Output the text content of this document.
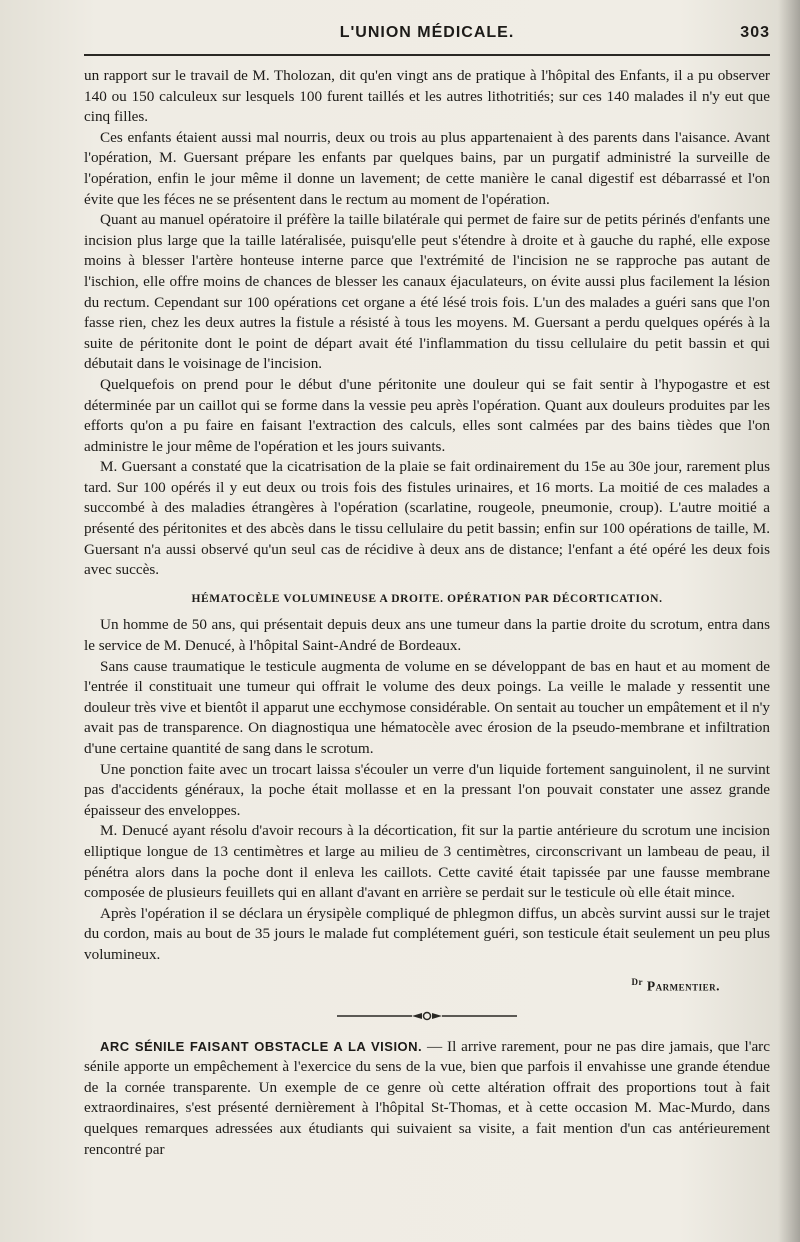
L'UNION MÉDICALE.	303

un rapport sur le travail de M. Tholozan, dit qu'en vingt ans de pratique à l'hôpital des Enfants, il a pu observer 140 ou 150 calculeux sur lesquels 100 furent taillés et les autres lithotritiés; sur ces 140 malades il n'y eut que cinq filles.

Ces enfants étaient aussi mal nourris, deux ou trois au plus appartenaient à des parents dans l'aisance. Avant l'opération, M. Guersant prépare les enfants par quelques bains, par un purgatif administré la surveille de l'opération, enfin le jour même il donne un lavement; de cette manière le canal digestif est débarrassé et l'on évite que les féces ne se présentent dans le rectum au moment de l'opération.

Quant au manuel opératoire il préfère la taille bilatérale qui permet de faire sur de petits périnés d'enfants une incision plus large que la taille latéralisée, puisqu'elle peut s'étendre à droite et à gauche du raphé, elle expose moins à blesser l'artère honteuse interne parce que l'extrémité de l'incision ne se rapproche pas autant de l'ischion, elle offre moins de chances de blesser les canaux éjaculateurs, on évite aussi plus facilement la lésion du rectum. Cependant sur 100 opérations cet organe a été lésé trois fois. L'un des malades a guéri sans que l'on fasse rien, chez les deux autres la fistule a résisté à tous les moyens. M. Guersant a perdu quelques opérés à la suite de péritonite dont le point de départ avait été l'inflammation du tissu cellulaire du petit bassin et qui débutait dans le voisinage de l'incision.

Quelquefois on prend pour le début d'une péritonite une douleur qui se fait sentir à l'hypogastre et est déterminée par un caillot qui se forme dans la vessie peu après l'opération. Quant aux douleurs produites par les efforts qu'on a pu faire en faisant l'extraction des calculs, elles sont calmées par des bains tièdes que l'on administre le jour même de l'opération et les jours suivants.

M. Guersant a constaté que la cicatrisation de la plaie se fait ordinairement du 15e au 30e jour, rarement plus tard. Sur 100 opérés il y eut deux ou trois fois des fistules urinaires, et 16 morts. La moitié de ces malades a succombé à des maladies étrangères à l'opération (scarlatine, rougeole, pneumonie, croup). L'autre moitié a présenté des péritonites et des abcès dans le tissu cellulaire du petit bassin; enfin sur 100 opérations de taille, M. Guersant n'a aussi observé qu'un seul cas de récidive à deux ans de distance; l'enfant a été opéré les deux fois avec succès.

HÉMATOCÈLE VOLUMINEUSE A DROITE. OPÉRATION PAR DÉCORTICATION.

Un homme de 50 ans, qui présentait depuis deux ans une tumeur dans la partie droite du scrotum, entra dans le service de M. Denucé, à l'hôpital Saint-André de Bordeaux.

Sans cause traumatique le testicule augmenta de volume en se développant de bas en haut et au moment de l'entrée il constituait une tumeur qui offrait le volume des deux poings. La veille le malade y ressentit une douleur très vive et bientôt il apparut une ecchymose considérable. On sentait au toucher un empâtement et il n'y avait pas de transparence. On diagnostiqua une hématocèle avec érosion de la pseudo-membrane et infiltration d'une certaine quantité de sang dans le scrotum.

Une ponction faite avec un trocart laissa s'écouler un verre d'un liquide fortement sanguinolent, il ne survint pas d'accidents généraux, la poche était mollasse et en la pressant l'on pouvait constater une assez grande épaisseur des enveloppes.

M. Denucé ayant résolu d'avoir recours à la décortication, fit sur la partie antérieure du scrotum une incision elliptique longue de 13 centimètres et large au milieu de 3 centimètres, circonscrivant un lambeau de peau, il pénétra alors dans la poche dont il enleva les caillots. Cette cavité était tapissée par une fausse membrane composée de plusieurs feuillets qui en allant d'avant en arrière se perdait sur le testicule où elle était mince.

Après l'opération il se déclara un érysipèle compliqué de phlegmon diffus, un abcès survint aussi sur le trajet du cordon, mais au bout de 35 jours le malade fut complétement guéri, son testicule était seulement un peu plus volumineux.

$^{Dr}$ Parmentier.

ARC SÉNILE FAISANT OBSTACLE A LA VISION. — Il arrive rarement, pour ne pas dire jamais, que l'arc sénile apporte un empêchement à l'exercice du sens de la vue, bien que parfois il envahisse une grande étendue de la cornée transparente. Un exemple de ce genre où cette altération offrait des proportions tout à fait extraordinaires, s'est présenté dernièrement à l'hôpital St-Thomas, et à cette occasion M. Mac-Murdo, dans quelques remarques adressées aux étudiants qui suivaient sa visite, a fait mention d'un cas antérieurement rencontré par
